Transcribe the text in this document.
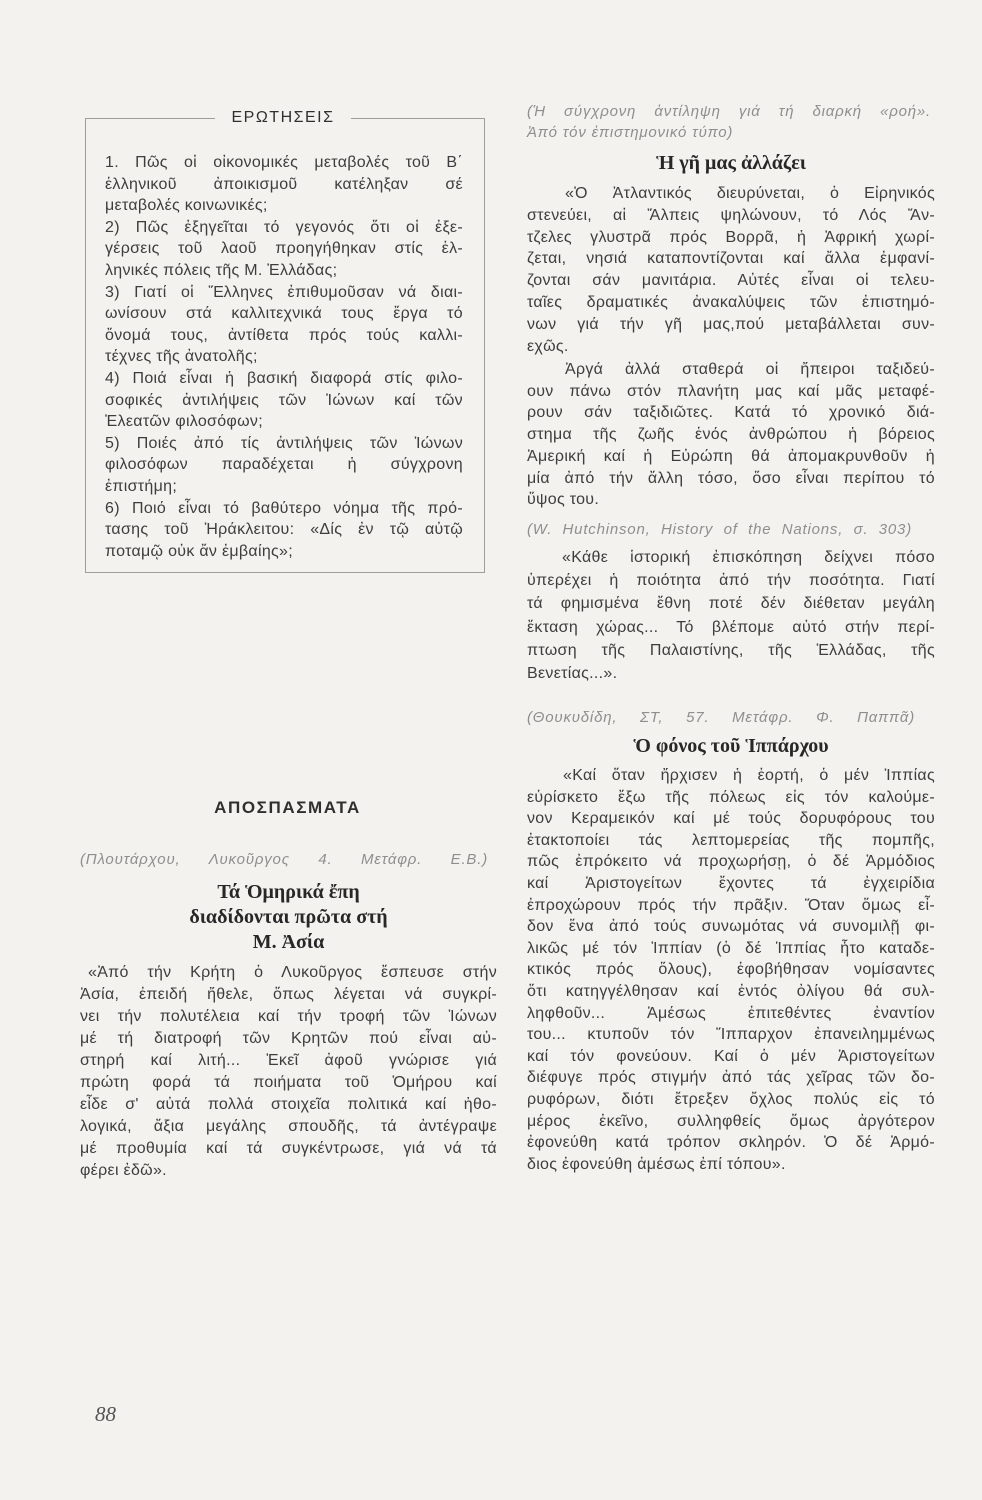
ΕΡΩΤΗΣΕΙΣ
1. Πῶς οἱ οἰκονομικές μεταβολές τοῦ Β΄
ἑλληνικοῦ ἀποικισμοῦ κατέληξαν σέ
μεταβολές κοινωνικές;
2) Πῶς ἐξηγεῖται τό γεγονός ὅτι οἱ ἐξε-
γέρσεις τοῦ λαοῦ προηγήθηκαν στίς ἑλ-
ληνικές πόλεις τῆς Μ. Ἑλλάδας;
3) Γιατί οἱ Ἕλληνες ἐπιθυμοῦσαν νά διαι-
ωνίσουν στά καλλιτεχνικά τους ἔργα τό
ὄνομά τους, ἀντίθετα πρός τούς καλλι-
τέχνες τῆς ἀνατολῆς;
4) Ποιά εἶναι ἡ βασική διαφορά στίς φιλο-
σοφικές ἀντιλήψεις τῶν Ἰώνων καί τῶν
Ἐλεατῶν φιλοσόφων;
5) Ποιές ἀπό τίς ἀντιλήψεις τῶν Ἰώνων
φιλοσόφων παραδέχεται ἡ σύγχρονη
ἐπιστήμη;
6) Ποιό εἶναι τό βαθύτερο νόημα τῆς πρό-
τασης τοῦ Ἡράκλειτου: «Δίς ἐν τῷ αὐτῷ
ποταμῷ οὐκ ἄν ἐμβαίης»;
ΑΠΟΣΠΑΣΜΑΤΑ
(Πλουτάρχου, Λυκοῦργος 4. Μετάφρ. Ε.Β.)
Τά Ὁμηρικά ἔπη
διαδίδονται πρῶτα στή
Μ. Ἀσία
«Ἀπό τήν Κρήτη ὁ Λυκοῦργος ἔσπευσε στήν
Ἀσία, ἐπειδή ἤθελε, ὅπως λέγεται νά συγκρί-
νει τήν πολυτέλεια καί τήν τροφή τῶν Ἰώνων
μέ τή διατροφή τῶν Κρητῶν πού εἶναι αὐ-
στηρή καί λιτή... Ἐκεῖ ἀφοῦ γνώρισε γιά
πρώτη φορά τά ποιήματα τοῦ Ὁμήρου καί
εἶδε σ' αὐτά πολλά στοιχεῖα πολιτικά καί ἠθο-
λογικά, ἄξια μεγάλης σπουδῆς, τά ἀντέγραψε
μέ προθυμία καί τά συγκέντρωσε, γιά νά τά
φέρει ἐδῶ».
(Ἡ σύγχρονη ἀντίληψη γιά τή διαρκή «ροή».
Ἀπό τόν ἐπιστημονικό τύπο)
Ἡ γῆ μας ἀλλάζει
«Ὁ Ἀτλαντικός διευρύνεται, ὁ Εἰρηνικός
στενεύει, αἱ Ἄλπεις ψηλώνουν, τό Λός Ἄν-
τζελες γλυστρᾶ πρός Βορρᾶ, ἡ Ἀφρική χωρί-
ζεται, νησιά καταποντίζονται καί ἄλλα ἐμφανί-
ζονται σάν μανιτάρια. Αὐτές εἶναι οἱ τελευ-
ταῖες δραματικές ἀνακαλύψεις τῶν ἐπιστημό-
νων γιά τήν γῆ μας,πού μεταβάλλεται συν-
εχῶς.
Ἀργά ἀλλά σταθερά οἱ ἤπειροι ταξιδεύ-
ουν πάνω στόν πλανήτη μας καί μᾶς μεταφέ-
ρουν σάν ταξιδιῶτες. Κατά τό χρονικό διά-
στημα τῆς ζωῆς ἑνός ἀνθρώπου ἡ βόρειος
Ἀμερική καί ἡ Εὐρώπη θά ἀπομακρυνθοῦν ἡ
μία ἀπό τήν ἄλλη τόσο, ὅσο εἶναι περίπου τό
ὕψος του.
(W. Hutchinson, History of the Nations, σ. 303)
«Κάθε ἱστορική ἐπισκόπηση δείχνει πόσο
ὑπερέχει ἡ ποιότητα ἀπό τήν ποσότητα. Γιατί
τά φημισμένα ἔθνη ποτέ δέν διέθεταν μεγάλη
ἔκταση χώρας... Τό βλέπομε αὐτό στήν περί-
πτωση τῆς Παλαιστίνης, τῆς Ἑλλάδας, τῆς
Βενετίας...».
(Θουκυδίδη, ΣΤ, 57. Μετάφρ. Φ. Παππᾶ)
Ὁ φόνος τοῦ Ἱππάρχου
«Καί ὅταν ἤρχισεν ἡ ἑορτή, ὁ μέν Ἱππίας
εὑρίσκετο ἔξω τῆς πόλεως εἰς τόν καλούμε-
νον Κεραμεικόν καί μέ τούς δορυφόρους του
ἐτακτοποίει τάς λεπτομερείας τῆς πομπῆς,
πῶς ἐπρόκειτο νά προχωρήσῃ, ὁ δέ Ἁρμόδιος
καί Ἀριστογείτων ἔχοντες τά ἐγχειρίδια
ἐπροχώρουν πρός τήν πρᾶξιν. Ὅταν ὅμως εἶ-
δον ἕνα ἀπό τούς συνωμότας νά συνομιλῇ φι-
λικῶς μέ τόν Ἱππίαν (ὁ δέ Ἱππίας ἦτο καταδε-
κτικός πρός ὅλους), ἐφοβήθησαν νομίσαντες
ὅτι κατηγγέλθησαν καί ἐντός ὀλίγου θά συλ-
ληφθοῦν... Ἀμέσως ἐπιτεθέντες ἐναντίον
του... κτυποῦν τόν Ἵππαρχον ἐπανειλημμένως
καί τόν φονεύουν. Καί ὁ μέν Ἀριστογείτων
διέφυγε πρός στιγμήν ἀπό τάς χεῖρας τῶν δο-
ρυφόρων, διότι ἔτρεξεν ὄχλος πολύς εἰς τό
μέρος ἐκεῖνο, συλληφθείς ὅμως ἀργότερον
ἐφονεύθη κατά τρόπον σκληρόν. Ὁ δέ Ἁρμό-
διος ἐφονεύθη ἀμέσως ἐπί τόπου».
88
